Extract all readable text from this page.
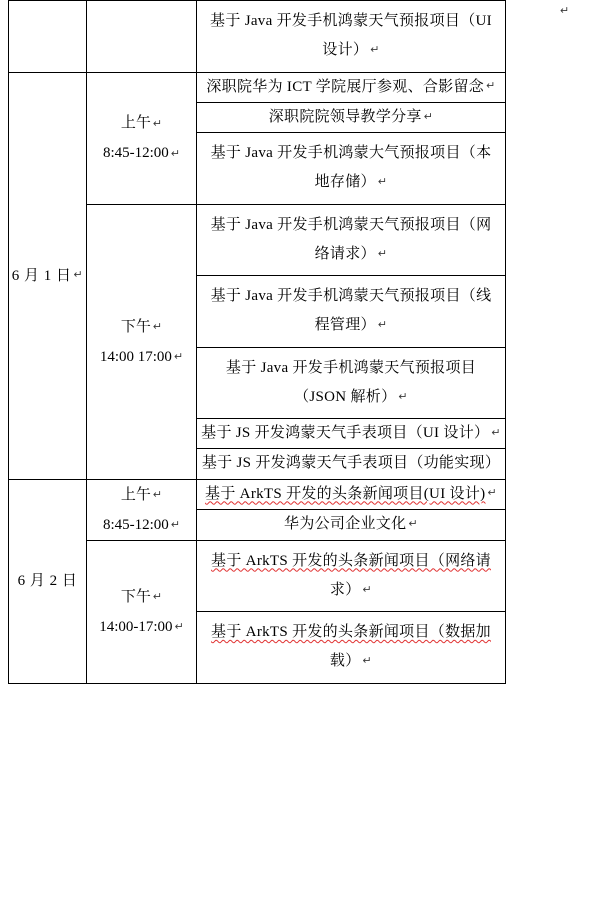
↵

		基于 Java 开发手机鸿蒙天气预报项目（UI
设计） ↵

6 月 1 日 ↵	上午 ↵
8:45-12:00 ↵	深职院华为 ICT 学院展厅参观、合影留念 ↵
		深职院院领导教学分享 ↵

		基于 Java 开发手机鸿蒙大气预报项目（本
地存储） ↵

	下午 ↵
14:00 17:00 ↵	基于 Java 开发手机鸿蒙天气预报项目（网
络请求） ↵

		基于 Java 开发手机鸿蒙天气预报项目（线
程管理） ↵

		基于 Java 开发手机鸿蒙天气预报项目
（JSON 解析） ↵

		基于 JS 开发鸿蒙天气手表项目（UI 设计） ↵
		基于 JS 开发鸿蒙天气手表项目（功能实现）
6 月 2 日	上午 ↵
8:45-12:00 ↵	基于 ArkTS 开发的头条新闻项目(UI 设计) ↵
		华为公司企业文化 ↵

	下午 ↵
14:00-17:00 ↵	基于 ArkTS 开发的头条新闻项目（网络请
求） ↵

		基于 ArkTS 开发的头条新闻项目（数据加
载） ↵
